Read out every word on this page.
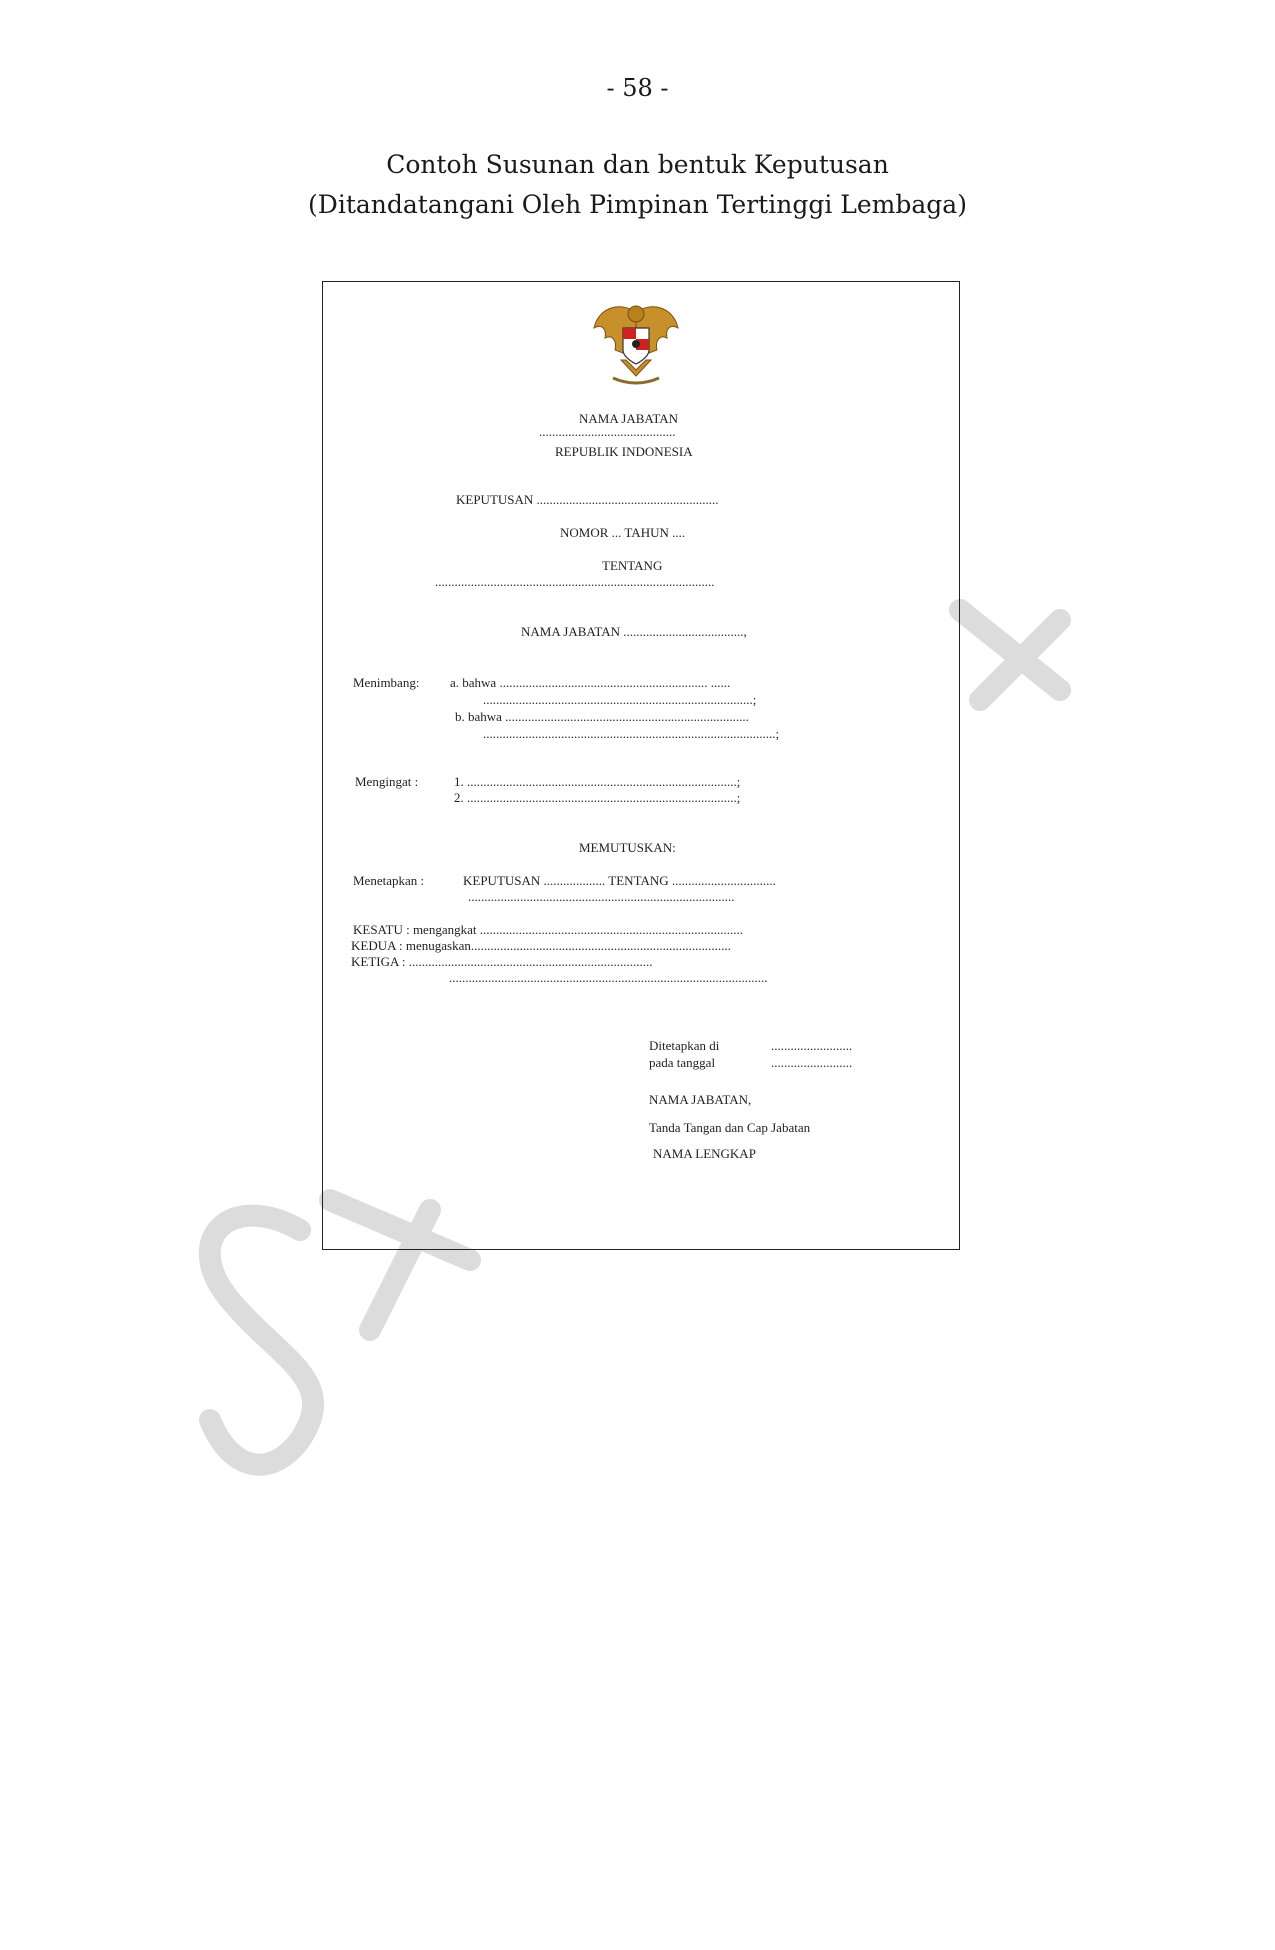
- 58 -
Contoh Susunan dan bentuk Keputusan
(Ditandatangani Oleh Pimpinan Tertinggi Lembaga)
NAMA JABATAN
..........................................
REPUBLIK INDONESIA
KEPUTUSAN ........................................................
NOMOR ... TAHUN ....
TENTANG
......................................................................................
NAMA JABATAN .....................................,
Menimbang: a. bahwa ................................................................ ......
...................................................................................;
b. bahwa ...........................................................................
..........................................................................................;
Mengingat :	1. ...................................................................................;
2. ...................................................................................;
MEMUTUSKAN:
Menetapkan :	KEPUTUSAN ................... TENTANG ................................
..................................................................................
KESATU : mengangkat .................................................................................
KEDUA : menugaskan................................................................................
KETIGA : ...........................................................................
..................................................................................................
Ditetapkan di	.........................
pada tanggal	.........................
NAMA JABATAN,
Tanda Tangan dan Cap Jabatan
NAMA LENGKAP
